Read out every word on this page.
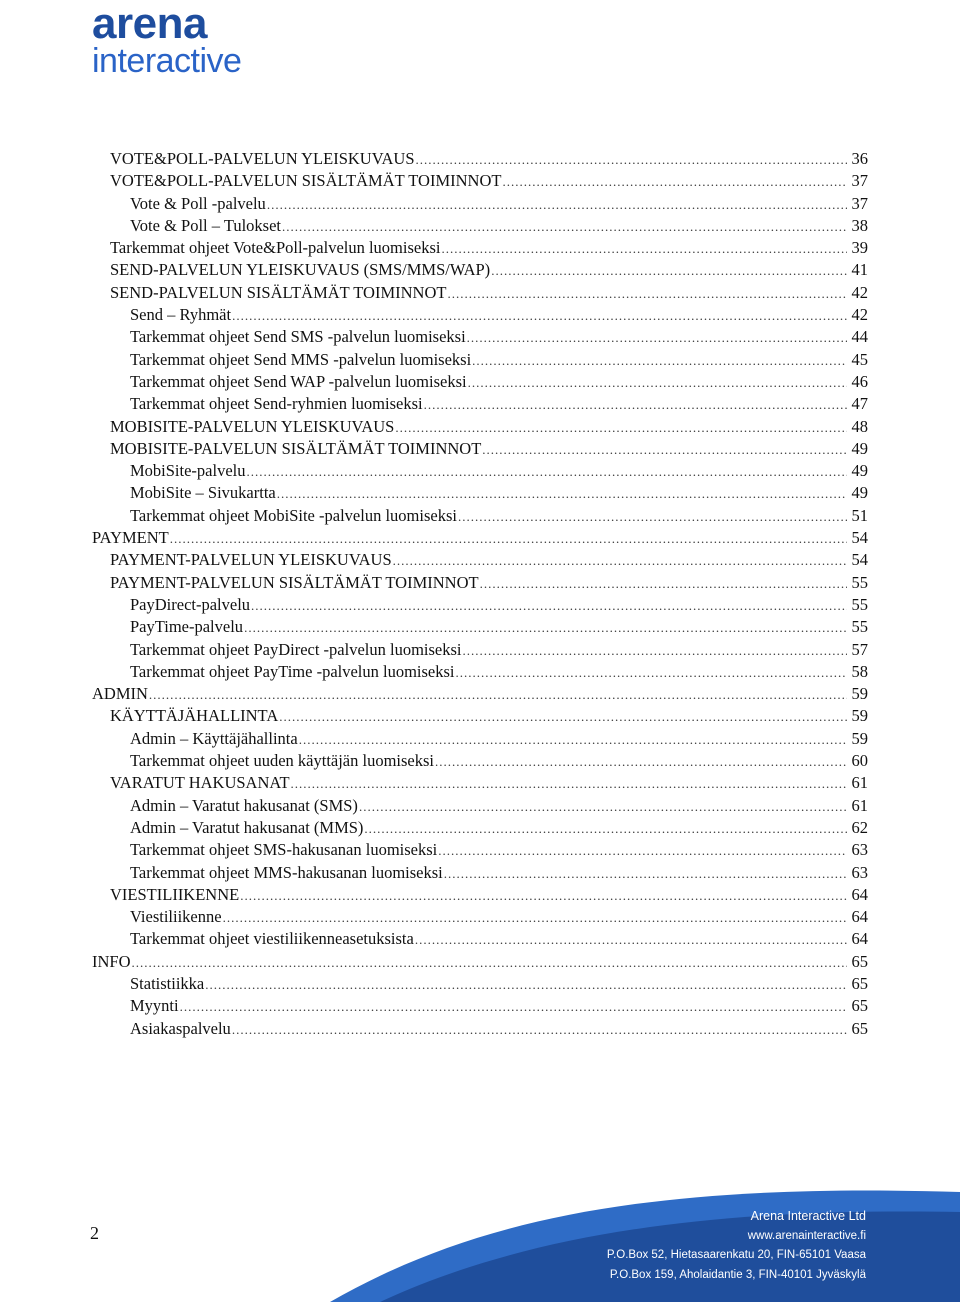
arena
interactive
VOTE&POLL-PALVELUN YLEISKUVAUS .....	36
VOTE&POLL-PALVELUN SISÄLTÄMÄT TOIMINNOT .....	37
Vote & Poll -palvelu .....	37
Vote & Poll – Tulokset .....	38
Tarkemmat ohjeet Vote&Poll-palvelun luomiseksi .....	39
SEND-PALVELUN YLEISKUVAUS (SMS/MMS/WAP) .....	41
SEND-PALVELUN SISÄLTÄMÄT TOIMINNOT .....	42
Send – Ryhmät .....	42
Tarkemmat ohjeet Send SMS -palvelun luomiseksi .....	44
Tarkemmat ohjeet Send MMS -palvelun luomiseksi .....	45
Tarkemmat ohjeet Send WAP -palvelun luomiseksi .....	46
Tarkemmat ohjeet Send-ryhmien luomiseksi .....	47
MOBISITE-PALVELUN YLEISKUVAUS .....	48
MOBISITE-PALVELUN SISÄLTÄMÄT TOIMINNOT .....	49
MobiSite-palvelu .....	49
MobiSite – Sivukartta .....	49
Tarkemmat ohjeet MobiSite -palvelun luomiseksi .....	51
PAYMENT .....	54
PAYMENT-PALVELUN YLEISKUVAUS .....	54
PAYMENT-PALVELUN SISÄLTÄMÄT TOIMINNOT .....	55
PayDirect-palvelu .....	55
PayTime-palvelu .....	55
Tarkemmat ohjeet PayDirect -palvelun luomiseksi .....	57
Tarkemmat ohjeet PayTime -palvelun luomiseksi .....	58
ADMIN .....	59
KÄYTTÄJÄHALLINTA .....	59
Admin – Käyttäjähallinta .....	59
Tarkemmat ohjeet uuden käyttäjän luomiseksi .....	60
VARATUT HAKUSANAT .....	61
Admin – Varatut hakusanat (SMS) .....	61
Admin – Varatut hakusanat (MMS) .....	62
Tarkemmat ohjeet SMS-hakusanan luomiseksi .....	63
Tarkemmat ohjeet MMS-hakusanan luomiseksi .....	63
VIESTILIIKENNE .....	64
Viestiliikenne .....	64
Tarkemmat ohjeet viestiliikenneasetuksista .....	64
INFO .....	65
Statistiikka .....	65
Myynti .....	65
Asiakaspalvelu .....	65
2
Arena Interactive Ltd
www.arenainteractive.fi
P.O.Box 52, Hietasaarenkatu 20, FIN-65101 Vaasa
P.O.Box 159, Aholaidantie 3, FIN-40101 Jyväskylä
